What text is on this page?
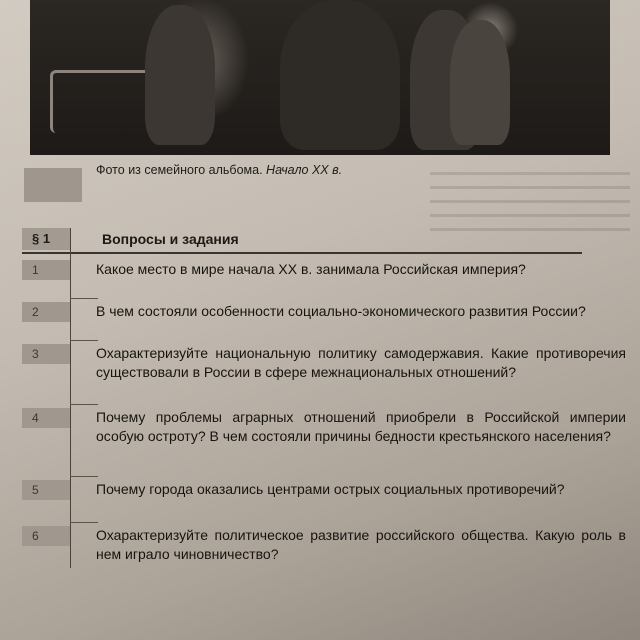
Фото из семейного альбома. Начало XX в.
§ 1	Вопросы и задания
1	Какое место в мире начала XX в. занимала Российская империя?
2	В чем состояли особенности социально-экономического развития России?
3	Охарактеризуйте национальную политику самодержавия. Какие противоречия существовали в России в сфере межнациональных отношений?
4	Почему проблемы аграрных отношений приобрели в Российской империи особую остроту? В чем состояли причины бедности крестьянского населения?
5	Почему города оказались центрами острых социальных противоречий?
6	Охарактеризуйте политическое развитие российского общества. Какую роль в нем играло чиновничество?
